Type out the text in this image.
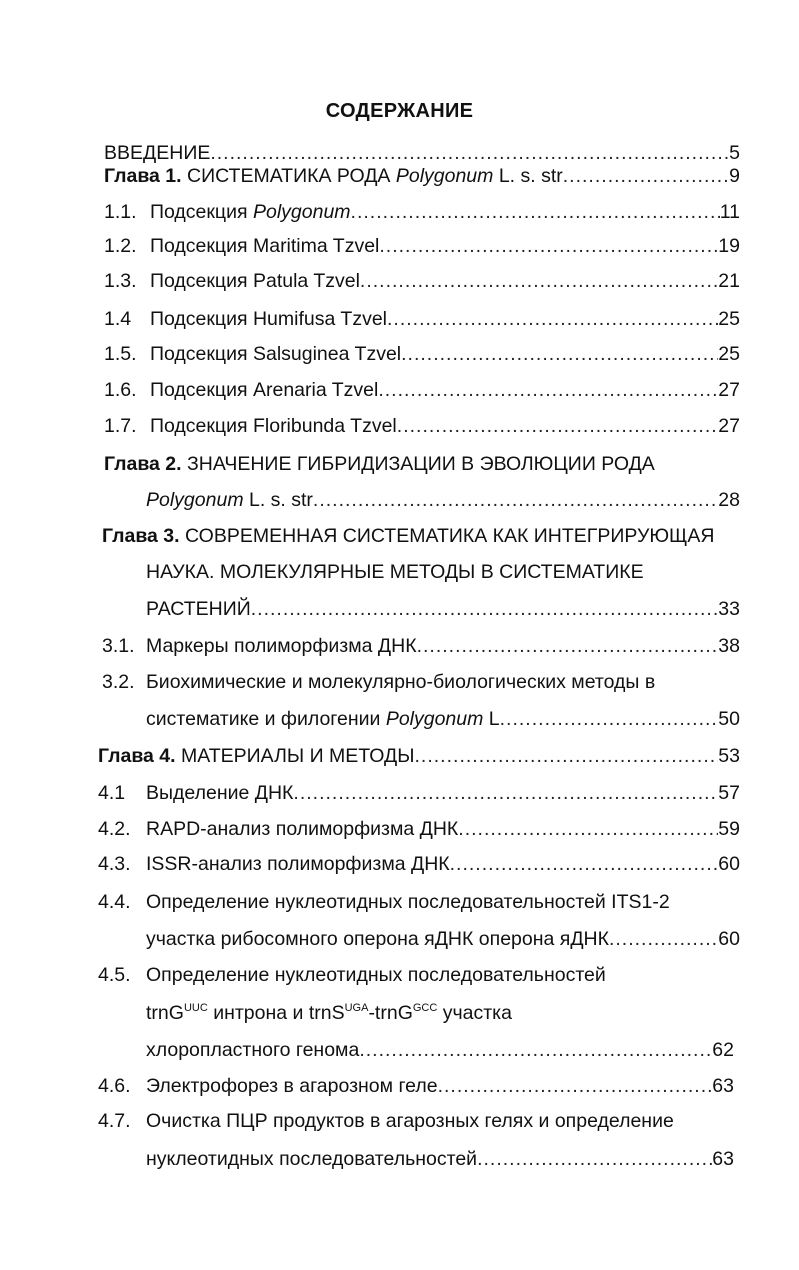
СОДЕРЖАНИЕ
ВВЕДЕНИЕ .....	5
Глава 1. СИСТЕМАТИКА РОДА Polygonum L. s. str .....	9
1.1. Подсекция Polygonum .....	11
1.2. Подсекция Maritima Tzvel .....	19
1.3. Подсекция Patula Tzvel .....	21
1.4 Подсекция Humifusa Tzvel .....	25
1.5. Подсекция Salsuginea Tzvel .....	25
1.6. Подсекция Arenaria Tzvel .....	27
1.7. Подсекция Floribunda Tzvel .....	27
Глава 2. ЗНАЧЕНИЕ ГИБРИДИЗАЦИИ В ЭВОЛЮЦИИ РОДА
Polygonum L. s. str .....	28
Глава 3. СОВРЕМЕННАЯ СИСТЕМАТИКА КАК ИНТЕГРИРУЮЩАЯ
НАУКА. МОЛЕКУЛЯРНЫЕ МЕТОДЫ В СИСТЕМАТИКЕ
РАСТЕНИЙ .....	33
3.1. Маркеры полиморфизма ДНК .....	38
3.2. Биохимические и молекулярно-биологических методы в
систематике и филогении Polygonum L .....	50
Глава 4. МАТЕРИАЛЫ И МЕТОДЫ .....	53
4.1 Выделение ДНК .....	57
4.2. RAPD-анализ полиморфизма ДНК .....	59
4.3. ISSR-анализ полиморфизма ДНК .....	60
4.4. Определение нуклеотидных последовательностей ITS1-2
участка рибосомного оперона яДНК оперона яДНК .....	60
4.5. Определение нуклеотидных последовательностей
trnG$^{UUC}$ интрона и trnS$^{UGA}$-trnG$^{GCC}$ участка
хлоропластного генома .....	62
4.6. Электрофорез в агарозном геле .....	63
4.7. Очистка ПЦР продуктов в агарозных гелях и определение
нуклеотидных последовательностей .....	63
